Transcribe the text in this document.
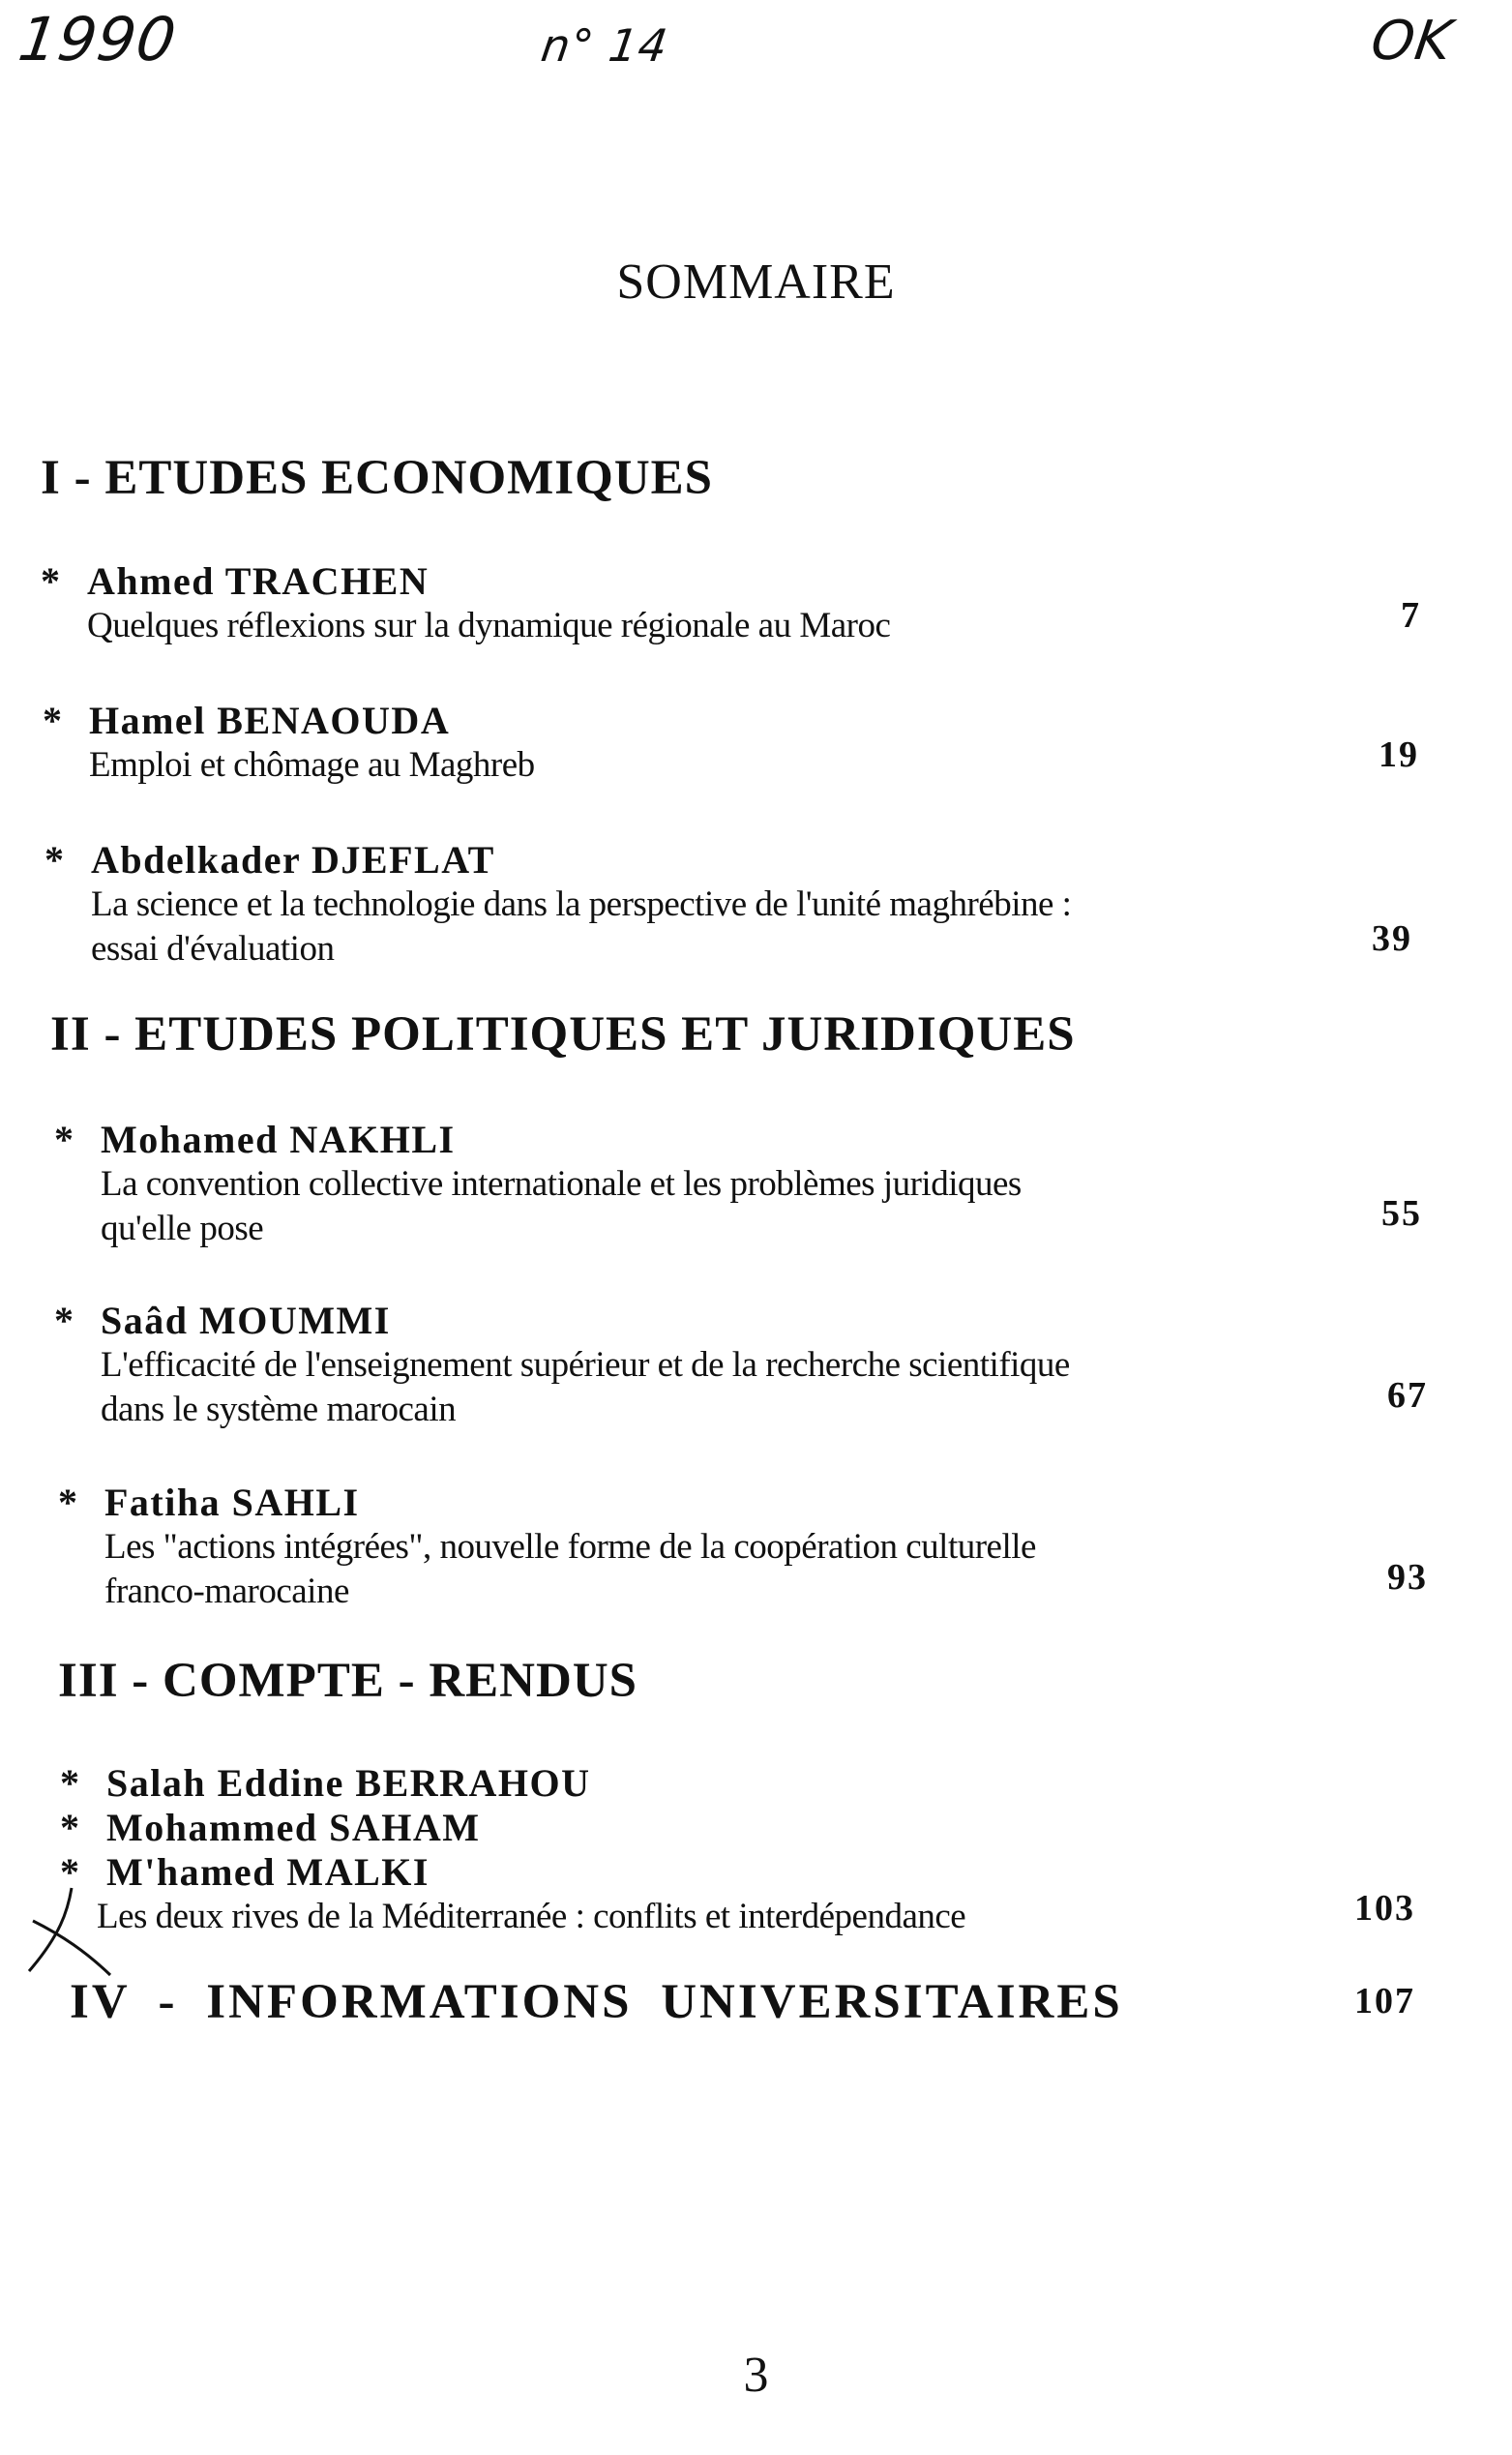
1990	n° 14	OK
SOMMAIRE
I - ETUDES ECONOMIQUES
* Ahmed TRACHEN
Quelques réflexions sur la dynamique régionale au Maroc	7
* Hamel BENAOUDA
Emploi et chômage au Maghreb	19
* Abdelkader DJEFLAT
La science et la technologie dans la perspective de l'unité maghrébine :
essai d'évaluation	39
II - ETUDES POLITIQUES ET JURIDIQUES
* Mohamed NAKHLI
La convention collective internationale et les problèmes juridiques
qu'elle pose	55
* Saâd MOUMMI
L'efficacité de l'enseignement supérieur et de la recherche scientifique
dans le système marocain	67
* Fatiha SAHLI
Les "actions intégrées", nouvelle forme de la coopération culturelle
franco-marocaine	93
III - COMPTE - RENDUS
* Salah Eddine BERRAHOU
* Mohammed SAHAM
* M'hamed MALKI
Les deux rives de la Méditerranée : conflits et interdépendance	103
IV - INFORMATIONS UNIVERSITAIRES	107
3
